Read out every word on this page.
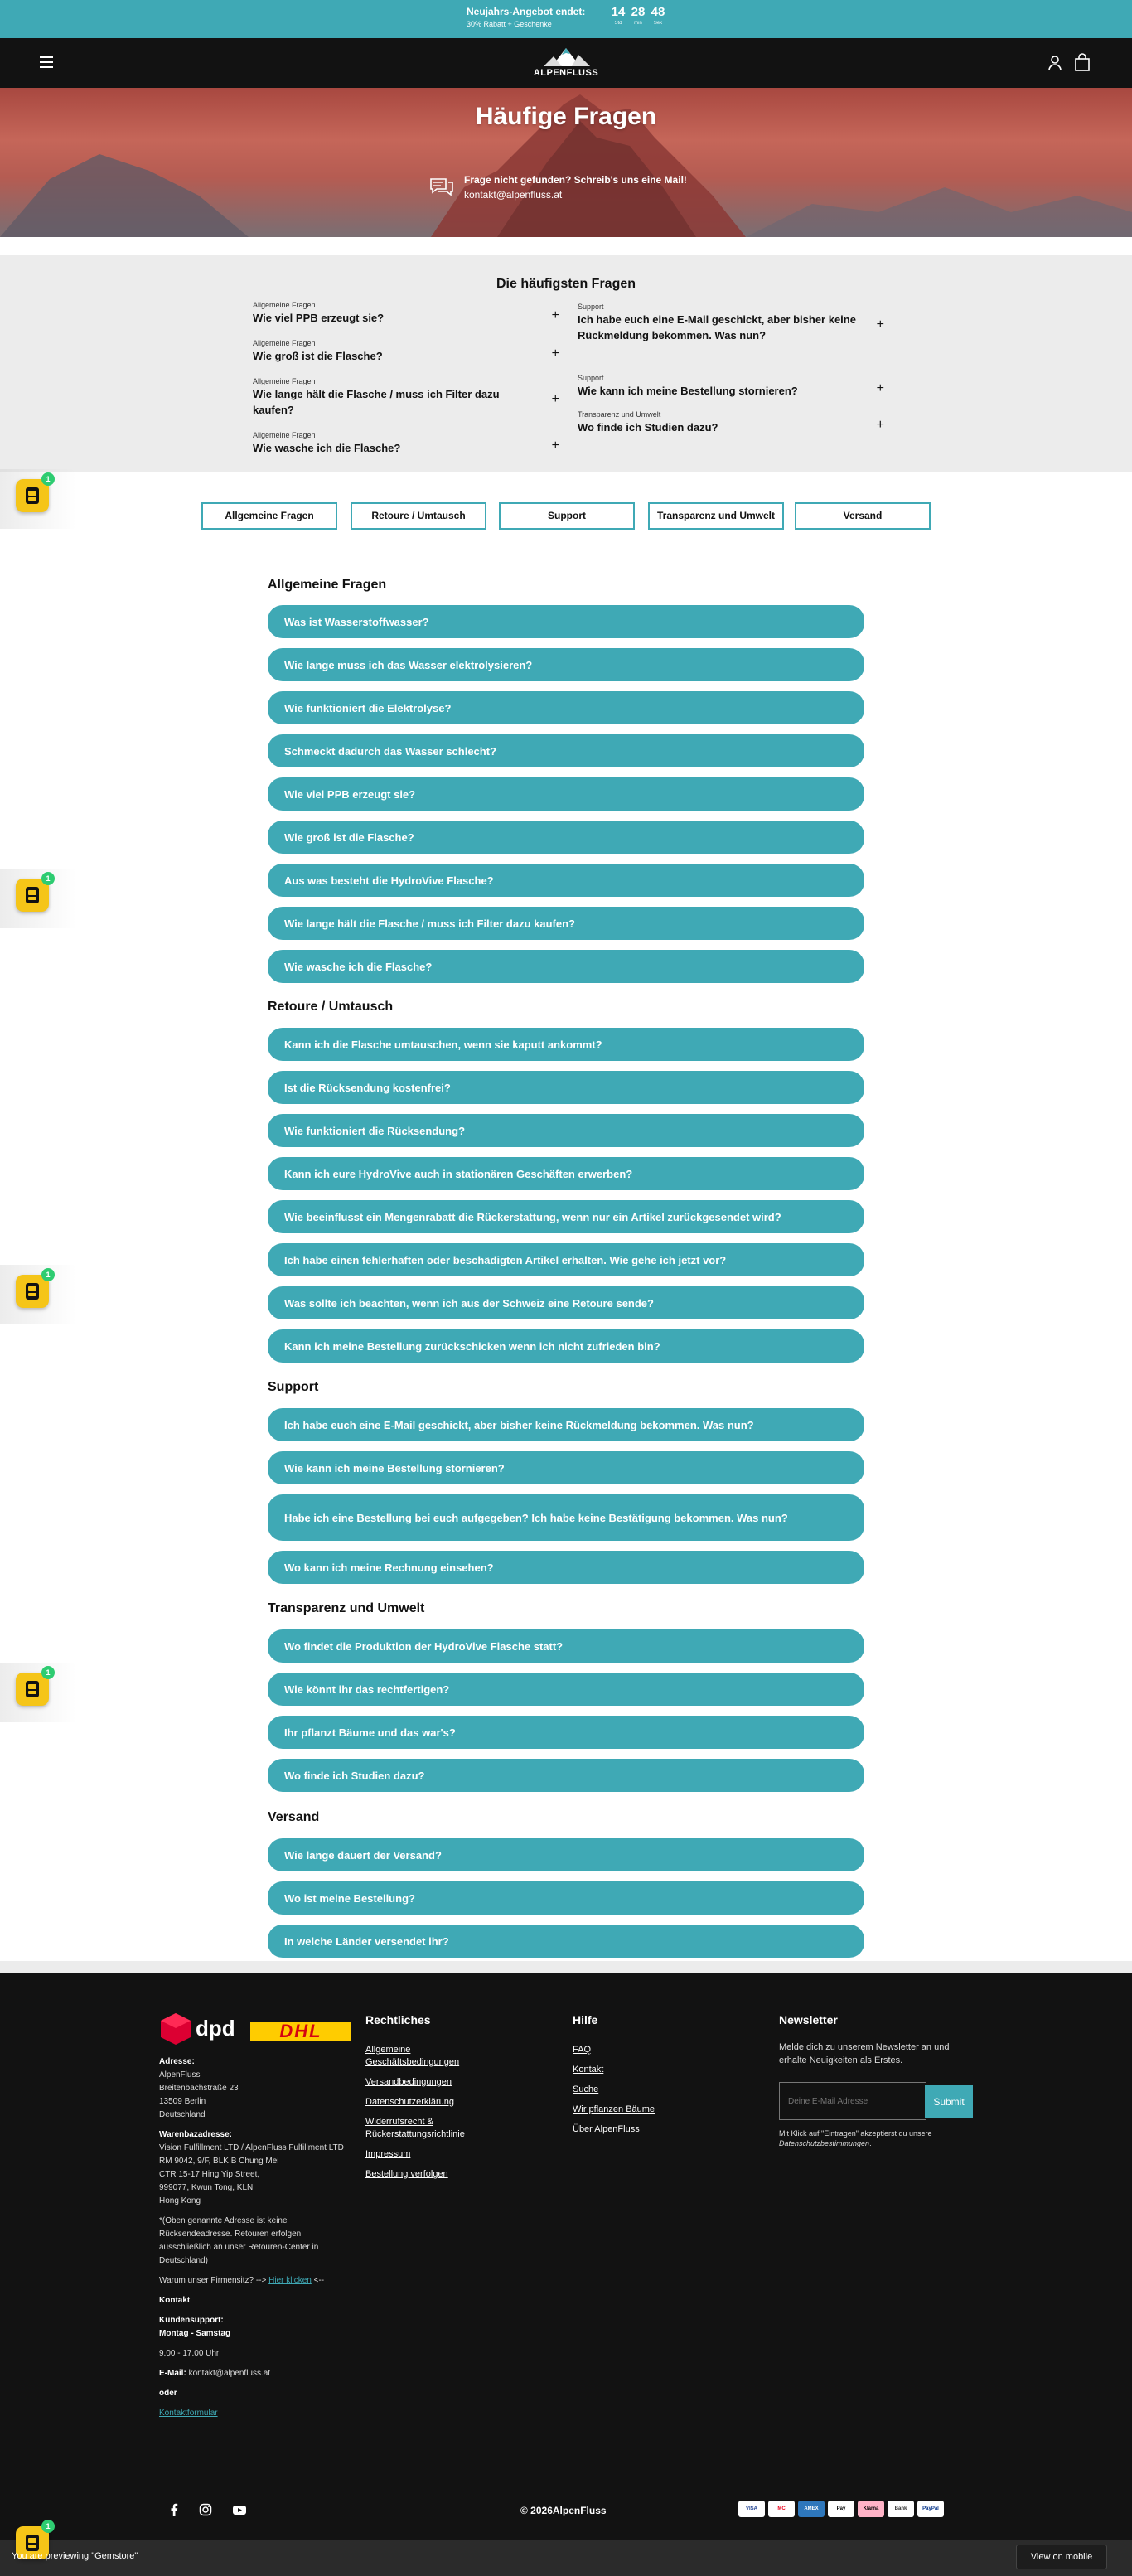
Neujahrs-Angebot endet:
30% Rabatt + Geschenke
14
Std
28
min
48
Sek
ALPENFLUSS
Häufige Fragen
Frage nicht gefunden? Schreib's uns eine Mail!
kontakt@alpenfluss.at
Die häufigsten Fragen
Allgemeine Fragen
Wie viel PPB erzeugt sie?	+
Allgemeine Fragen
Wie groß ist die Flasche?	+
Allgemeine Fragen
Wie lange hält die Flasche / muss ich Filter dazu kaufen?
+
Allgemeine Fragen
Wie wasche ich die Flasche?	+
Support
Ich habe euch eine E-Mail geschickt, aber bisher keine Rückmeldung bekommen. Was nun?
+
Support
Wie kann ich meine Bestellung stornieren?	+
Transparenz und Umwelt
Wo finde ich Studien dazu?	+
Allgemeine Fragen	Retoure / Umtausch	Support	Transparenz und Umwelt	Versand
Allgemeine Fragen
Was ist Wasserstoffwasser?
Wie lange muss ich das Wasser elektrolysieren?
Wie funktioniert die Elektrolyse?
Schmeckt dadurch das Wasser schlecht?
Wie viel PPB erzeugt sie?
Wie groß ist die Flasche?
Aus was besteht die HydroVive Flasche?
Wie lange hält die Flasche / muss ich Filter dazu kaufen?
Wie wasche ich die Flasche?
Retoure / Umtausch
Kann ich die Flasche umtauschen, wenn sie kaputt ankommt?
Ist die Rücksendung kostenfrei?
Wie funktioniert die Rücksendung?
Kann ich eure HydroVive auch in stationären Geschäften erwerben?
Wie beeinflusst ein Mengenrabatt die Rückerstattung, wenn nur ein Artikel zurückgesendet wird?
Ich habe einen fehlerhaften oder beschädigten Artikel erhalten. Wie gehe ich jetzt vor?
Was sollte ich beachten, wenn ich aus der Schweiz eine Retoure sende?
Kann ich meine Bestellung zurückschicken wenn ich nicht zufrieden bin?
Support
Ich habe euch eine E-Mail geschickt, aber bisher keine Rückmeldung bekommen. Was nun?
Wie kann ich meine Bestellung stornieren?
Habe ich eine Bestellung bei euch aufgegeben? Ich habe keine Bestätigung bekommen. Was nun?
Wo kann ich meine Rechnung einsehen?
Transparenz und Umwelt
Wo findet die Produktion der HydroVive Flasche statt?
Wie könnt ihr das rechtfertigen?
Ihr pflanzt Bäume und das war's?
Wo finde ich Studien dazu?
Versand
Wie lange dauert der Versand?
Wo ist meine Bestellung?
In welche Länder versendet ihr?
1
1
1
1
dpd	DHL
Adresse:
AlpenFluss
Breitenbachstraße 23
13509 Berlin
Deutschland

Warenbazadresse:
Vision Fulfillment LTD / AlpenFluss Fulfillment LTD
RM 9042, 9/F, BLK B Chung Mei
CTR 15-17 Hing Yip Street,
999077, Kwun Tong, KLN
Hong Kong

*(Oben genannte Adresse ist keine Rücksendeadresse. Retouren erfolgen ausschließlich an unser Retouren-Center in Deutschland)

Warum unser Firmensitz? --> Hier klicken <--

Kontakt

Kundensupport:
Montag - Samstag

9.00 - 17.00 Uhr

E-Mail: kontakt@alpenfluss.at

oder

Kontaktformular
Rechtliches
Allgemeine Geschäftsbedingungen
Versandbedingungen
Datenschutzerklärung
Widerrufsrecht & Rückerstattungsrichtlinie
Impressum
Bestellung verfolgen
Hilfe
FAQ
Kontakt
Suche
Wir pflanzen Bäume
Über AlpenFluss
Newsletter
Melde dich zu unserem Newsletter an und erhalte Neuigkeiten als Erstes.
Deine E-Mail Adresse
Submit
Mit Klick auf "Eintragen" akzeptierst du unsere Datenschutzbestimmungen.
© 2026AlpenFluss	VISA	MC	AMEX	Pay	Klarna	Bank	PayPal
1
You are previewing "Gemstore"	View on mobile
